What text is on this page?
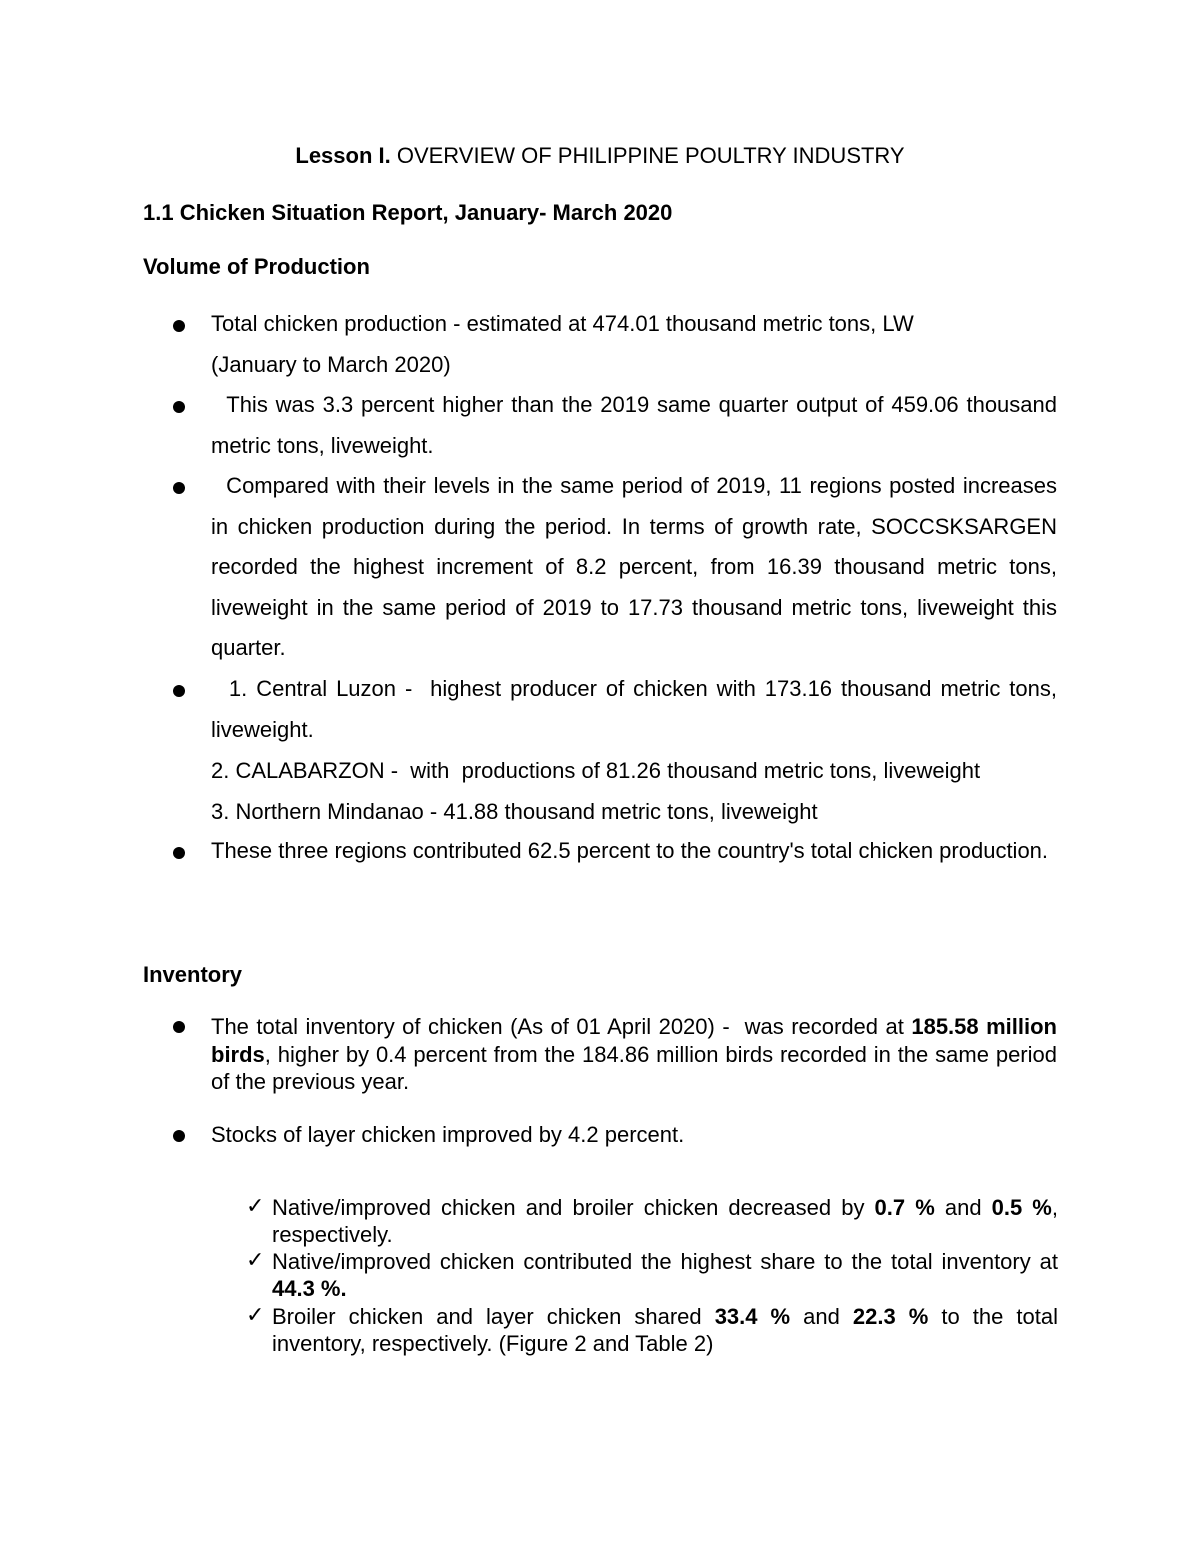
Lesson I. OVERVIEW OF PHILIPPINE POULTRY INDUSTRY
1.1 Chicken Situation Report, January- March 2020
Volume of Production
Total chicken production - estimated at 474.01 thousand metric tons, LW
(January to March 2020)
This was 3.3 percent higher than the 2019 same quarter output of 459.06 thousand metric tons, liveweight.
Compared with their levels in the same period of 2019, 11 regions posted increases in chicken production during the period. In terms of growth rate, SOCCSKSARGEN recorded the highest increment of 8.2 percent, from 16.39 thousand metric tons, liveweight in the same period of 2019 to 17.73 thousand metric tons, liveweight this quarter.
1. Central Luzon -  highest producer of chicken with 173.16 thousand metric tons, liveweight.
2. CALABARZON -  with  productions of 81.26 thousand metric tons, liveweight
3. Northern Mindanao - 41.88 thousand metric tons, liveweight
These three regions contributed 62.5 percent to the country's total chicken production.
Inventory
The total inventory of chicken (As of 01 April 2020) -  was recorded at 185.58 million birds, higher by 0.4 percent from the 184.86 million birds recorded in the same period of the previous year.
Stocks of layer chicken improved by 4.2 percent.
✓ Native/improved chicken and broiler chicken decreased by 0.7 % and 0.5 %, respectively.
✓ Native/improved chicken contributed the highest share to the total inventory at 44.3 %.
✓ Broiler chicken and layer chicken shared 33.4 % and 22.3 % to the total inventory, respectively. (Figure 2 and Table 2)
